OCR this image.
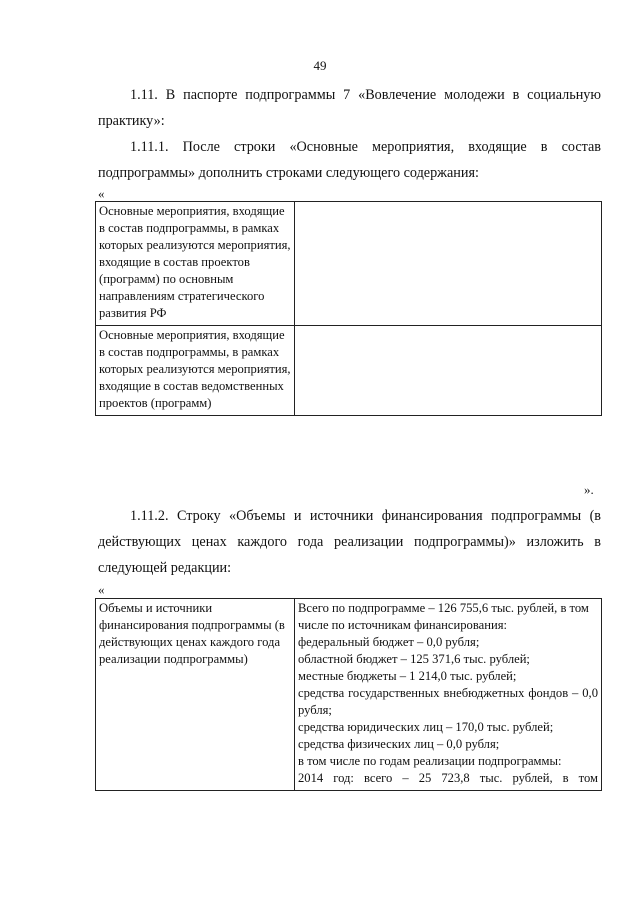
49

1.11. В паспорте подпрограммы 7 «Вовлечение молодежи в социальную практику»:

1.11.1. После строки «Основные мероприятия, входящие в состав подпрограммы» дополнить строками следующего содержания:

«
Основные мероприятия, входящие в состав подпрограммы, в рамках которых реализуются мероприятия, входящие в состав проектов (программ) по основным направлениям стратегического развития РФ	
Основные мероприятия, входящие в состав подпрограммы, в рамках которых реализуются мероприятия, входящие в состав ведомственных проектов (программ)	
».

1.11.2. Строку «Объемы и источники финансирования подпрограммы (в действующих ценах каждого года реализации подпрограммы)» изложить в следующей редакции:

«
Объемы и источники финансирования подпрограммы (в действующих ценах каждого года реализации подпрограммы)	
Всего по подпрограмме – 126 755,6 тыс. рублей, в том числе по источникам финансирования:
федеральный бюджет – 0,0 рубля;
областной бюджет – 125 371,6 тыс. рублей;
местные бюджеты – 1 214,0 тыс. рублей;
средства государственных внебюджетных фондов – 0,0 рубля;
средства юридических лиц – 170,0 тыс. рублей;
средства физических лиц – 0,0 рубля;
в том числе по годам реализации подпрограммы:
2014 год: всего – 25 723,8 тыс. рублей, в том
